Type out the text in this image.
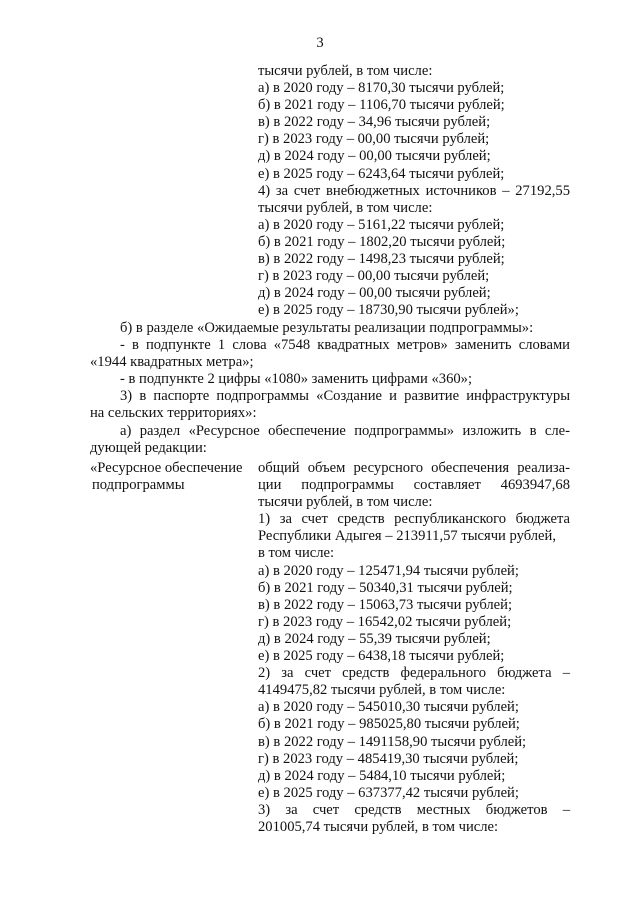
3
тысячи рублей, в том числе:
а) в 2020 году – 8170,30 тысячи рублей;
б) в 2021 году – 1106,70 тысячи рублей;
в) в 2022 году – 34,96 тысячи рублей;
г) в 2023 году – 00,00 тысячи рублей;
д) в 2024 году – 00,00 тысячи рублей;
е) в 2025 году – 6243,64 тысячи рублей;
4) за счет внебюджетных источников – 27192,55
тысячи рублей, в том числе:
а) в 2020 году – 5161,22 тысячи рублей;
б) в 2021 году – 1802,20 тысячи рублей;
в) в 2022 году – 1498,23 тысячи рублей;
г) в 2023 году – 00,00 тысячи рублей;
д) в 2024 году – 00,00 тысячи рублей;
е) в 2025 году – 18730,90 тысячи рублей»;
б) в разделе «Ожидаемые результаты реализации подпрограммы»:
- в подпункте 1 слова «7548 квадратных метров» заменить словами
«1944 квадратных метра»;
- в подпункте 2 цифры «1080» заменить цифрами «360»;
3) в паспорте подпрограммы «Создание и развитие инфраструктуры
на сельских территориях»:
а) раздел «Ресурсное обеспечение подпрограммы» изложить в сле-
дующей редакции:
«Ресурсное обеспечение
подпрограммы
общий объем ресурсного обеспечения реализа-
ции подпрограммы составляет 4693947,68
тысячи рублей, в том числе:
1) за счет средств республиканского бюджета
Республики Адыгея – 213911,57 тысячи рублей,
в том числе:
а) в 2020 году – 125471,94 тысячи рублей;
б) в 2021 году – 50340,31 тысячи рублей;
в) в 2022 году – 15063,73 тысячи рублей;
г) в 2023 году – 16542,02 тысячи рублей;
д) в 2024 году – 55,39 тысячи рублей;
е) в 2025 году – 6438,18 тысячи рублей;
2) за счет средств федерального бюджета –
4149475,82 тысячи рублей, в том числе:
а) в 2020 году – 545010,30 тысячи рублей;
б) в 2021 году – 985025,80 тысячи рублей;
в) в 2022 году – 1491158,90 тысячи рублей;
г) в 2023 году – 485419,30 тысячи рублей;
д) в 2024 году – 5484,10 тысячи рублей;
е) в 2025 году – 637377,42 тысячи рублей;
3) за счет средств местных бюджетов –
201005,74 тысячи рублей, в том числе:
